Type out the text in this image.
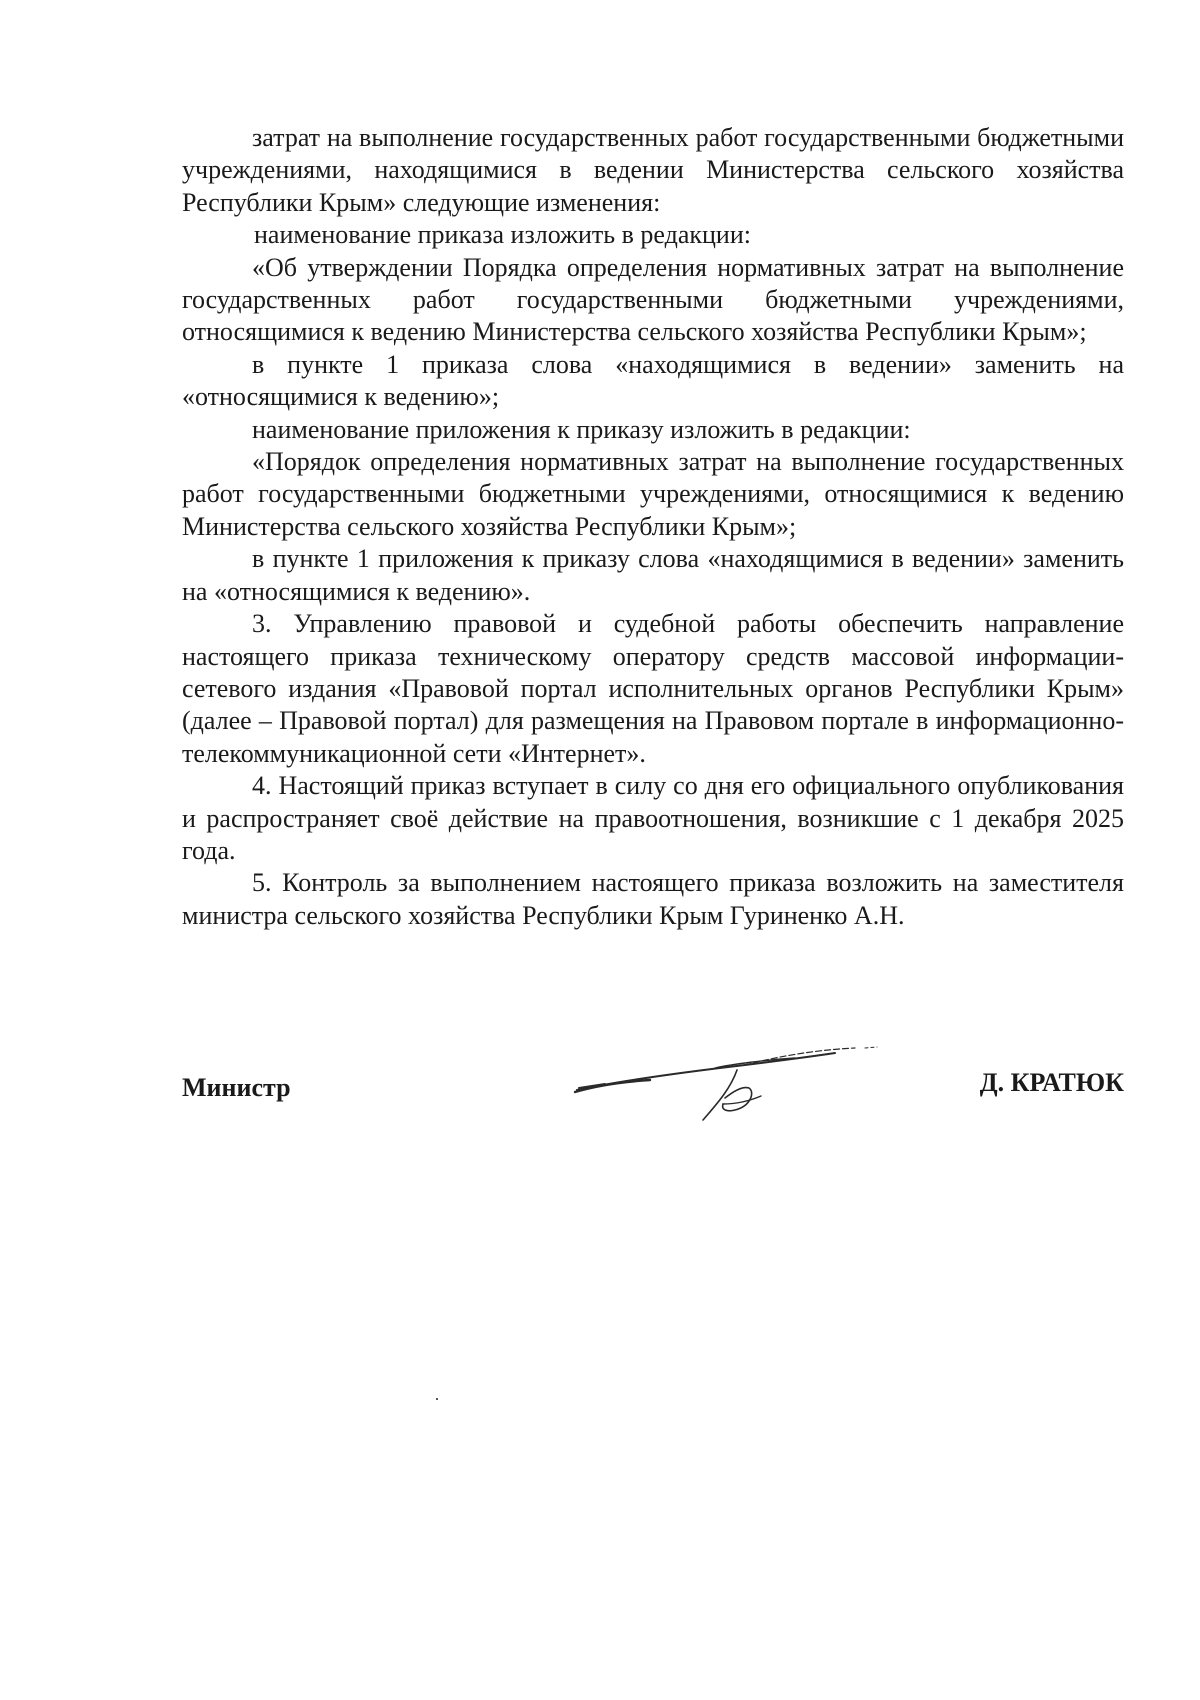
затрат на выполнение государственных работ государственными бюджетными учреждениями, находящимися в ведении Министерства сельского хозяйства Республики Крым» следующие изменения:

наименование приказа изложить в редакции:

«Об утверждении Порядка определения нормативных затрат на выполнение государственных работ государственными бюджетными учреждениями, относящимися к ведению Министерства сельского хозяйства Республики Крым»;

в пункте 1 приказа слова «находящимися в ведении» заменить на «относящимися к ведению»;

наименование приложения к приказу изложить в редакции:

«Порядок определения нормативных затрат на выполнение государственных работ государственными бюджетными учреждениями, относящимися к ведению Министерства сельского хозяйства Республики Крым»;

в пункте 1 приложения к приказу слова «находящимися в ведении» заменить на «относящимися к ведению».

3. Управлению правовой и судебной работы обеспечить направление настоящего приказа техническому оператору средств массовой информации-сетевого издания «Правовой портал исполнительных органов Республики Крым» (далее – Правовой портал) для размещения на Правовом портале в информационно-телекоммуникационной сети «Интернет».

4. Настоящий приказ вступает в силу со дня его официального опубликования и распространяет своё действие на правоотношения, возникшие с 1 декабря 2025 года.

5. Контроль за выполнением настоящего приказа возложить на заместителя министра сельского хозяйства Республики Крым Гуриненко А.Н.

Министр	Д. КРАТЮК
